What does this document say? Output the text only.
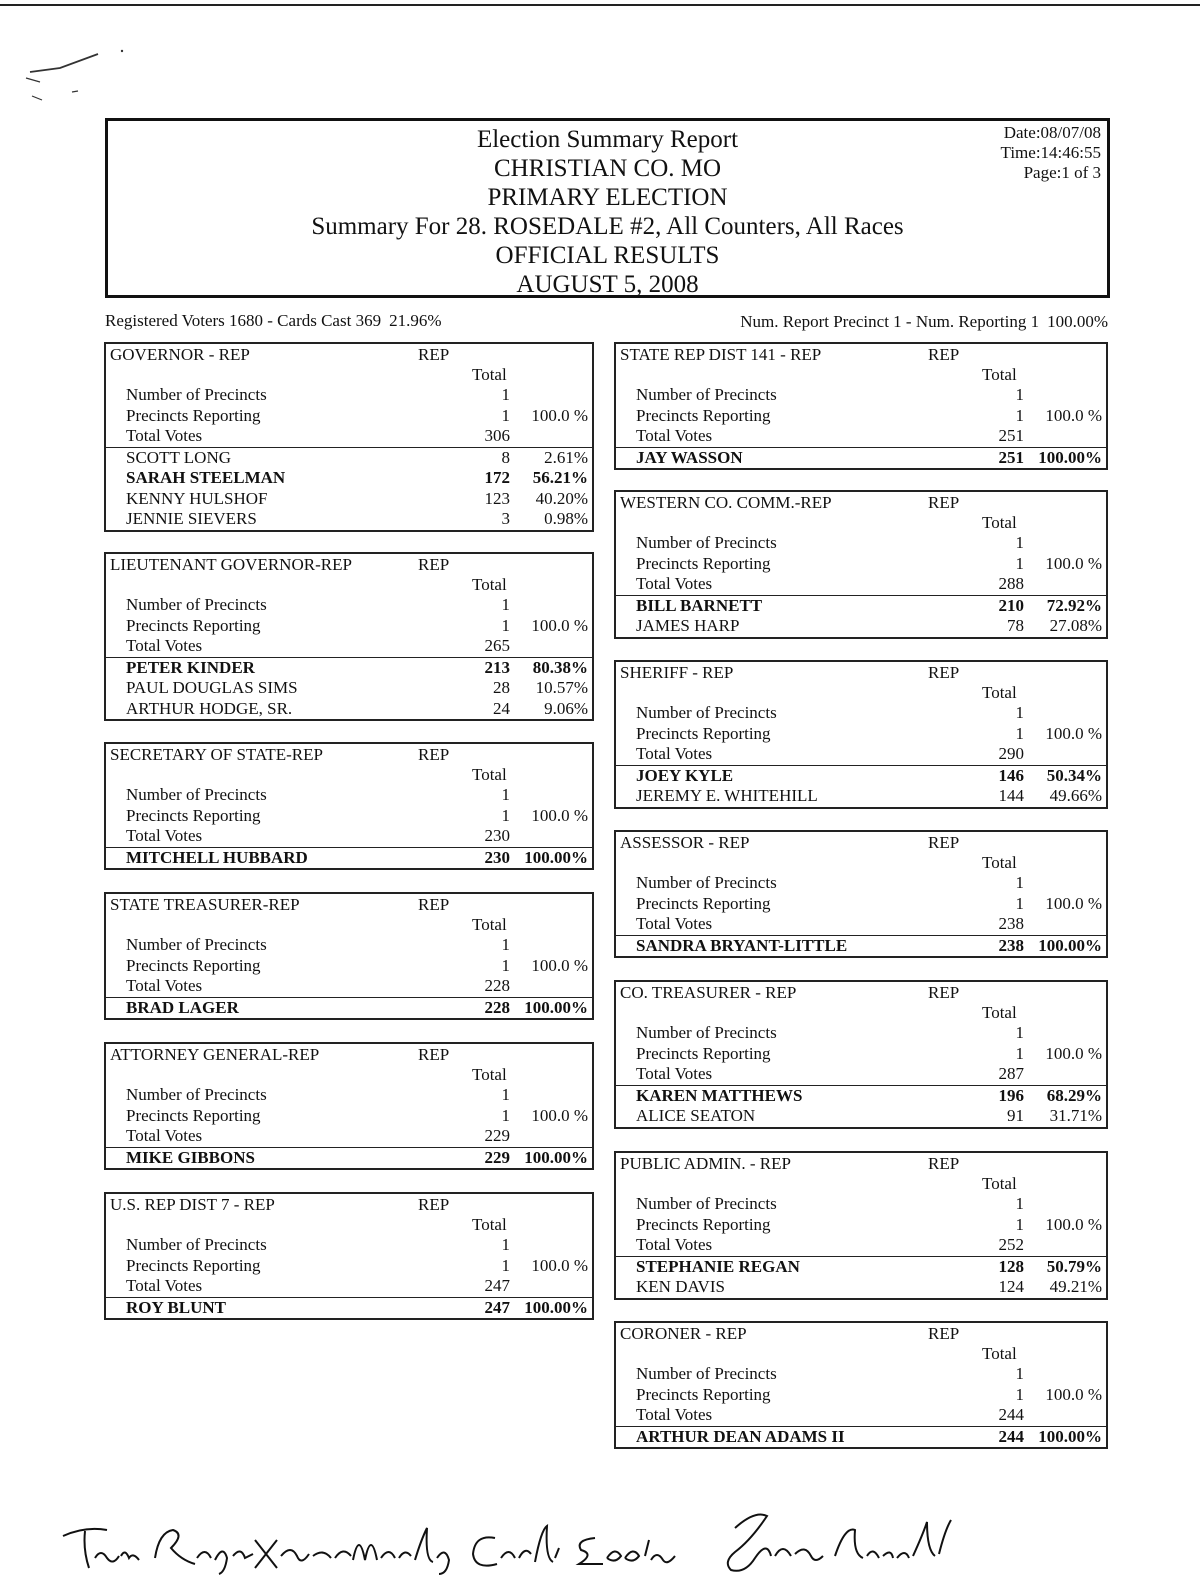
Election Summary Report
CHRISTIAN CO. MO
PRIMARY ELECTION
Summary For 28. ROSEDALE #2, All Counters, All Races
OFFICIAL RESULTS
AUGUST 5, 2008
Date:08/07/08
Time:14:46:55
Page:1 of 3
Registered Voters 1680 - Cards Cast 369 21.96%	Num. Report Precinct 1 - Num. Reporting 1 100.00%
GOVERNOR - REP	REP
Total
Number of Precincts	1
Precincts Reporting	1 100.0 %
Total Votes	306
SCOTT LONG	8 2.61%
SARAH STEELMAN	172 56.21%
KENNY HULSHOF	123 40.20%
JENNIE SIEVERS	3 0.98%
LIEUTENANT GOVERNOR-REP	REP
Total
Number of Precincts	1
Precincts Reporting	1 100.0 %
Total Votes	265
PETER KINDER	213 80.38%
PAUL DOUGLAS SIMS	28 10.57%
ARTHUR HODGE, SR.	24 9.06%
SECRETARY OF STATE-REP	REP
Total
Number of Precincts	1
Precincts Reporting	1 100.0 %
Total Votes	230
MITCHELL HUBBARD	230 100.00%
STATE TREASURER-REP	REP
Total
Number of Precincts	1
Precincts Reporting	1 100.0 %
Total Votes	228
BRAD LAGER	228 100.00%
ATTORNEY GENERAL-REP	REP
Total
Number of Precincts	1
Precincts Reporting	1 100.0 %
Total Votes	229
MIKE GIBBONS	229 100.00%
U.S. REP DIST 7 - REP	REP
Total
Number of Precincts	1
Precincts Reporting	1 100.0 %
Total Votes	247
ROY BLUNT	247 100.00%
STATE REP DIST 141 - REP	REP
Total
Number of Precincts	1
Precincts Reporting	1 100.0 %
Total Votes	251
JAY WASSON	251 100.00%
WESTERN CO. COMM.-REP	REP
Total
Number of Precincts	1
Precincts Reporting	1 100.0 %
Total Votes	288
BILL BARNETT	210 72.92%
JAMES HARP	78 27.08%
SHERIFF - REP	REP
Total
Number of Precincts	1
Precincts Reporting	1 100.0 %
Total Votes	290
JOEY KYLE	146 50.34%
JEREMY E. WHITEHILL	144 49.66%
ASSESSOR - REP	REP
Total
Number of Precincts	1
Precincts Reporting	1 100.0 %
Total Votes	238
SANDRA BRYANT-LITTLE	238 100.00%
CO. TREASURER - REP	REP
Total
Number of Precincts	1
Precincts Reporting	1 100.0 %
Total Votes	287
KAREN MATTHEWS	196 68.29%
ALICE SEATON	91 31.71%
PUBLIC ADMIN. - REP	REP
Total
Number of Precincts	1
Precincts Reporting	1 100.0 %
Total Votes	252
STEPHANIE REGAN	128 50.79%
KEN DAVIS	124 49.21%
CORONER - REP	REP
Total
Number of Precincts	1
Precincts Reporting	1 100.0 %
Total Votes	244
ARTHUR DEAN ADAMS II	244 100.00%
Tom Rogers Karen Mosley Carla Essick Lynn Russell
